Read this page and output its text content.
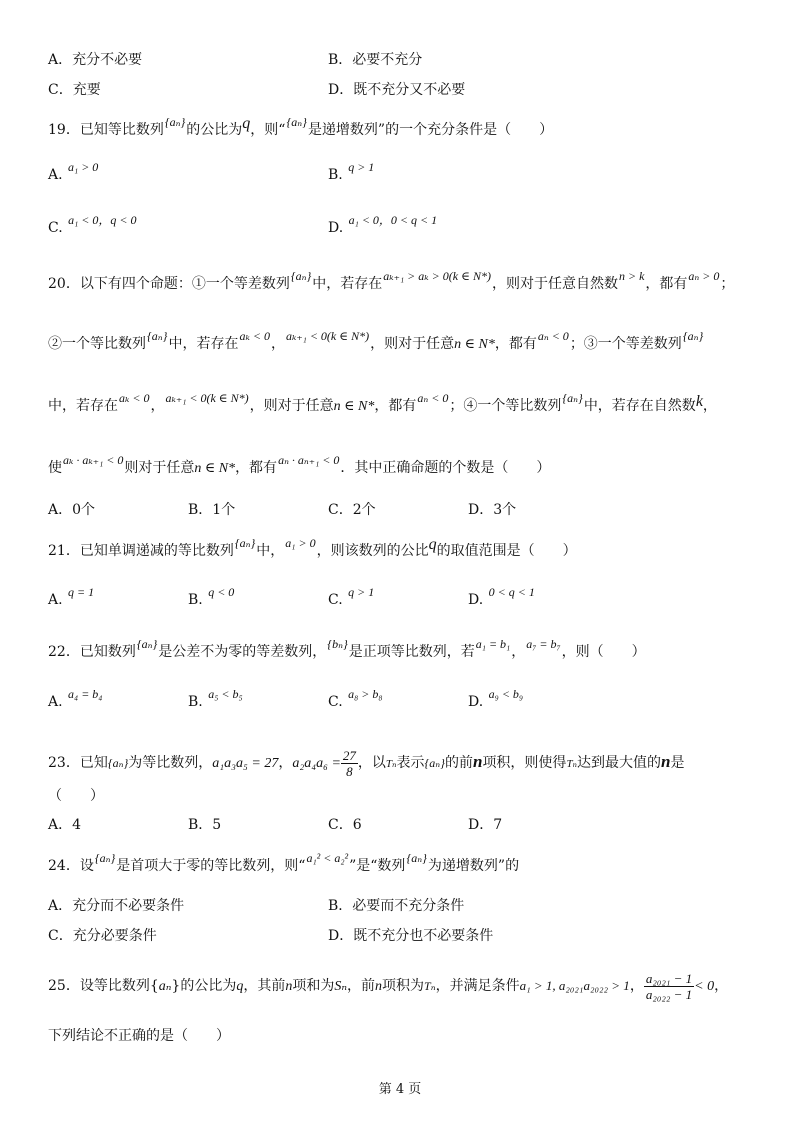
A．充分不必要	B．必要不充分
C．充要	D．既不充分又不必要
19．已知等比数列{aₙ}的公比为q，则“{aₙ}是递增数列”的一个充分条件是（　　）
A. a₁ > 0	B. q > 1
C. a₁ < 0，q < 0	D. a₁ < 0，0 < q < 1
20．以下有四个命题：①一个等差数列{aₙ}中，若存在aₖ₊₁ > aₖ > 0(k ∈ N*)，则对于任意自然数n > k，都有aₙ > 0；
②一个等比数列{aₙ}中，若存在aₖ < 0，aₖ₊₁ < 0(k ∈ N*)，则对于任意n ∈ N*，都有aₙ < 0；③一个等差数列{aₙ}
中，若存在aₖ < 0，aₖ₊₁ < 0(k ∈ N*)，则对于任意n ∈ N*，都有aₙ < 0；④一个等比数列{aₙ}中，若存在自然数k，
使aₖ · aₖ₊₁ < 0则对于任意n ∈ N*，都有aₙ · aₙ₊₁ < 0．其中正确命题的个数是（　　）
A．0个	B．1个	C．2个	D．3个
21．已知单调递减的等比数列{aₙ}中，a₁ > 0，则该数列的公比q的取值范围是（　　）
A. q = 1	B. q < 0	C. q > 1	D. 0 < q < 1
22．已知数列{aₙ}是公差不为零的等差数列，{bₙ}是正项等比数列，若a₁ = b₁，a₇ = b₇，则（　　）
A. a₄ = b₄	B. a₅ < b₅	C. a₈ > b₈	D. a₉ < b₉
23．已知{aₙ}为等比数列，a₁a₃a₅ = 27，$a_2a_4a_6 = \frac{27}{8}$ ，以Tₙ表示{aₙ}的前n项积，则使得Tₙ达到最大值的n是
（　　）
A．4	B．5	C．6	D．7
24．设{aₙ}是首项大于零的等比数列，则“a₁² < a₂²”是“数列{aₙ}为递增数列”的
A．充分而不必要条件	B．必要而不充分条件
C．充分必要条件	D．既不充分也不必要条件
25．设等比数列{aₙ}的公比为q，其前n项和为Sₙ，前n项积为Tₙ，并满足条件a₁ > 1, a₂₀₂₁a₂₀₂₂ > 1， $\frac{\text{a₂₀₂₁ − 1}}{\text{a₂₀₂₂ − 1}} < 0$，
下列结论不正确的是（　　）
第 4 页
